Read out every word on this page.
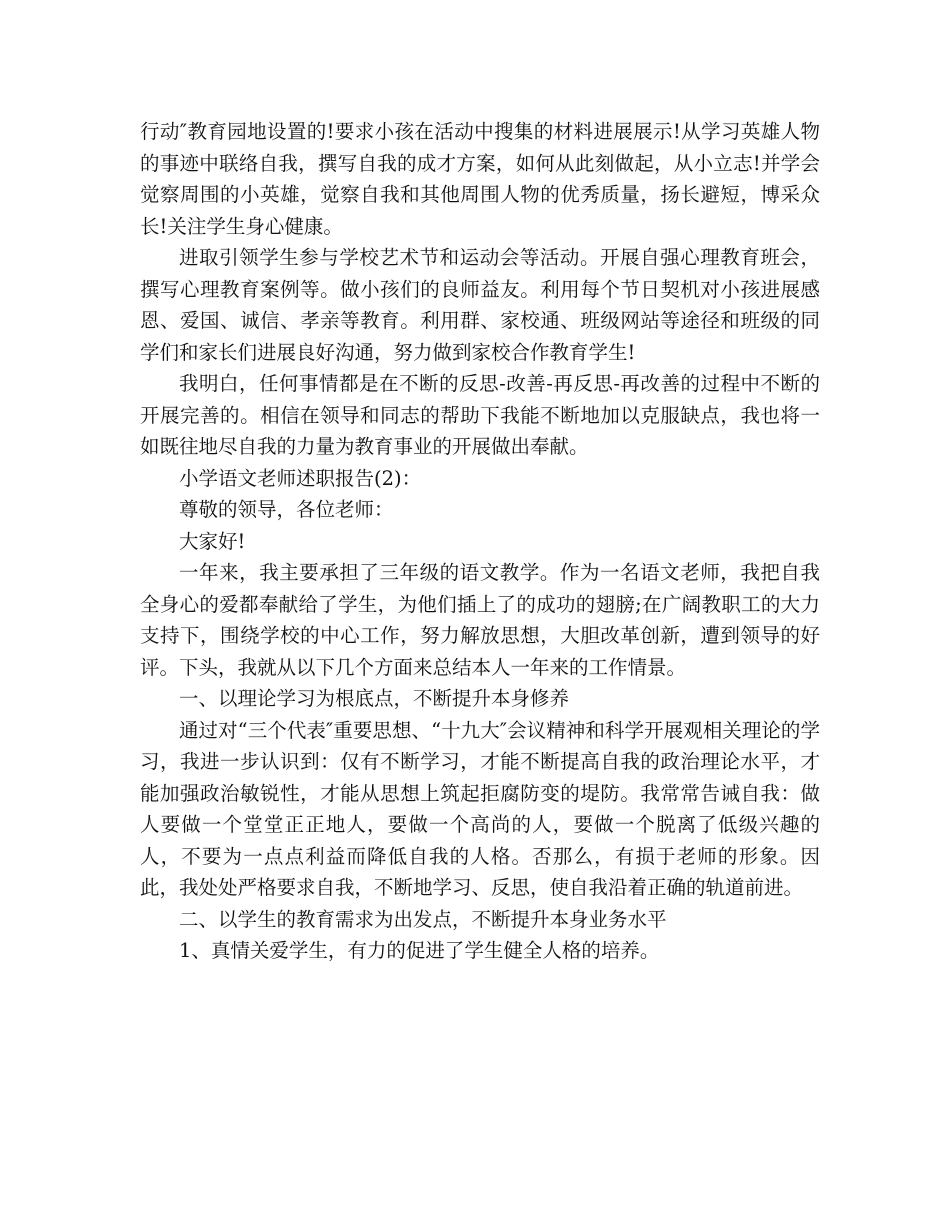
行动″教育园地设置的!要求小孩在活动中搜集的材料进展展示!从学习英雄人物的事迹中联络自我，撰写自我的成才方案，如何从此刻做起，从小立志!并学会觉察周围的小英雄，觉察自我和其他周围人物的优秀质量，扬长避短，博采众长!关注学生身心健康。

进取引领学生参与学校艺术节和运动会等活动。开展自强心理教育班会，撰写心理教育案例等。做小孩们的良师益友。利用每个节日契机对小孩进展感恩、爱国、诚信、孝亲等教育。利用群、家校通、班级网站等途径和班级的同学们和家长们进展良好沟通，努力做到家校合作教育学生!

我明白，任何事情都是在不断的反思-改善-再反思-再改善的过程中不断的开展完善的。相信在领导和同志的帮助下我能不断地加以克服缺点，我也将一如既往地尽自我的力量为教育事业的开展做出奉献。

小学语文老师述职报告(2)：

尊敬的领导，各位老师：

大家好!

一年来，我主要承担了三年级的语文教学。作为一名语文老师，我把自我全身心的爱都奉献给了学生，为他们插上了的成功的翅膀;在广阔教职工的大力支持下，围绕学校的中心工作，努力解放思想，大胆改革创新，遭到领导的好评。下头，我就从以下几个方面来总结本人一年来的工作情景。

一、以理论学习为根底点，不断提升本身修养

通过对“三个代表″重要思想、“十九大″会议精神和科学开展观相关理论的学习，我进一步认识到：仅有不断学习，才能不断提高自我的政治理论水平，才能加强政治敏锐性，才能从思想上筑起拒腐防变的堤防。我常常告诫自我：做人要做一个堂堂正正地人，要做一个高尚的人，要做一个脱离了低级兴趣的人，不要为一点点利益而降低自我的人格。否那么，有损于老师的形象。因此，我处处严格要求自我，不断地学习、反思，使自我沿着正确的轨道前进。

二、以学生的教育需求为出发点，不断提升本身业务水平

1、真情关爱学生，有力的促进了学生健全人格的培养。
